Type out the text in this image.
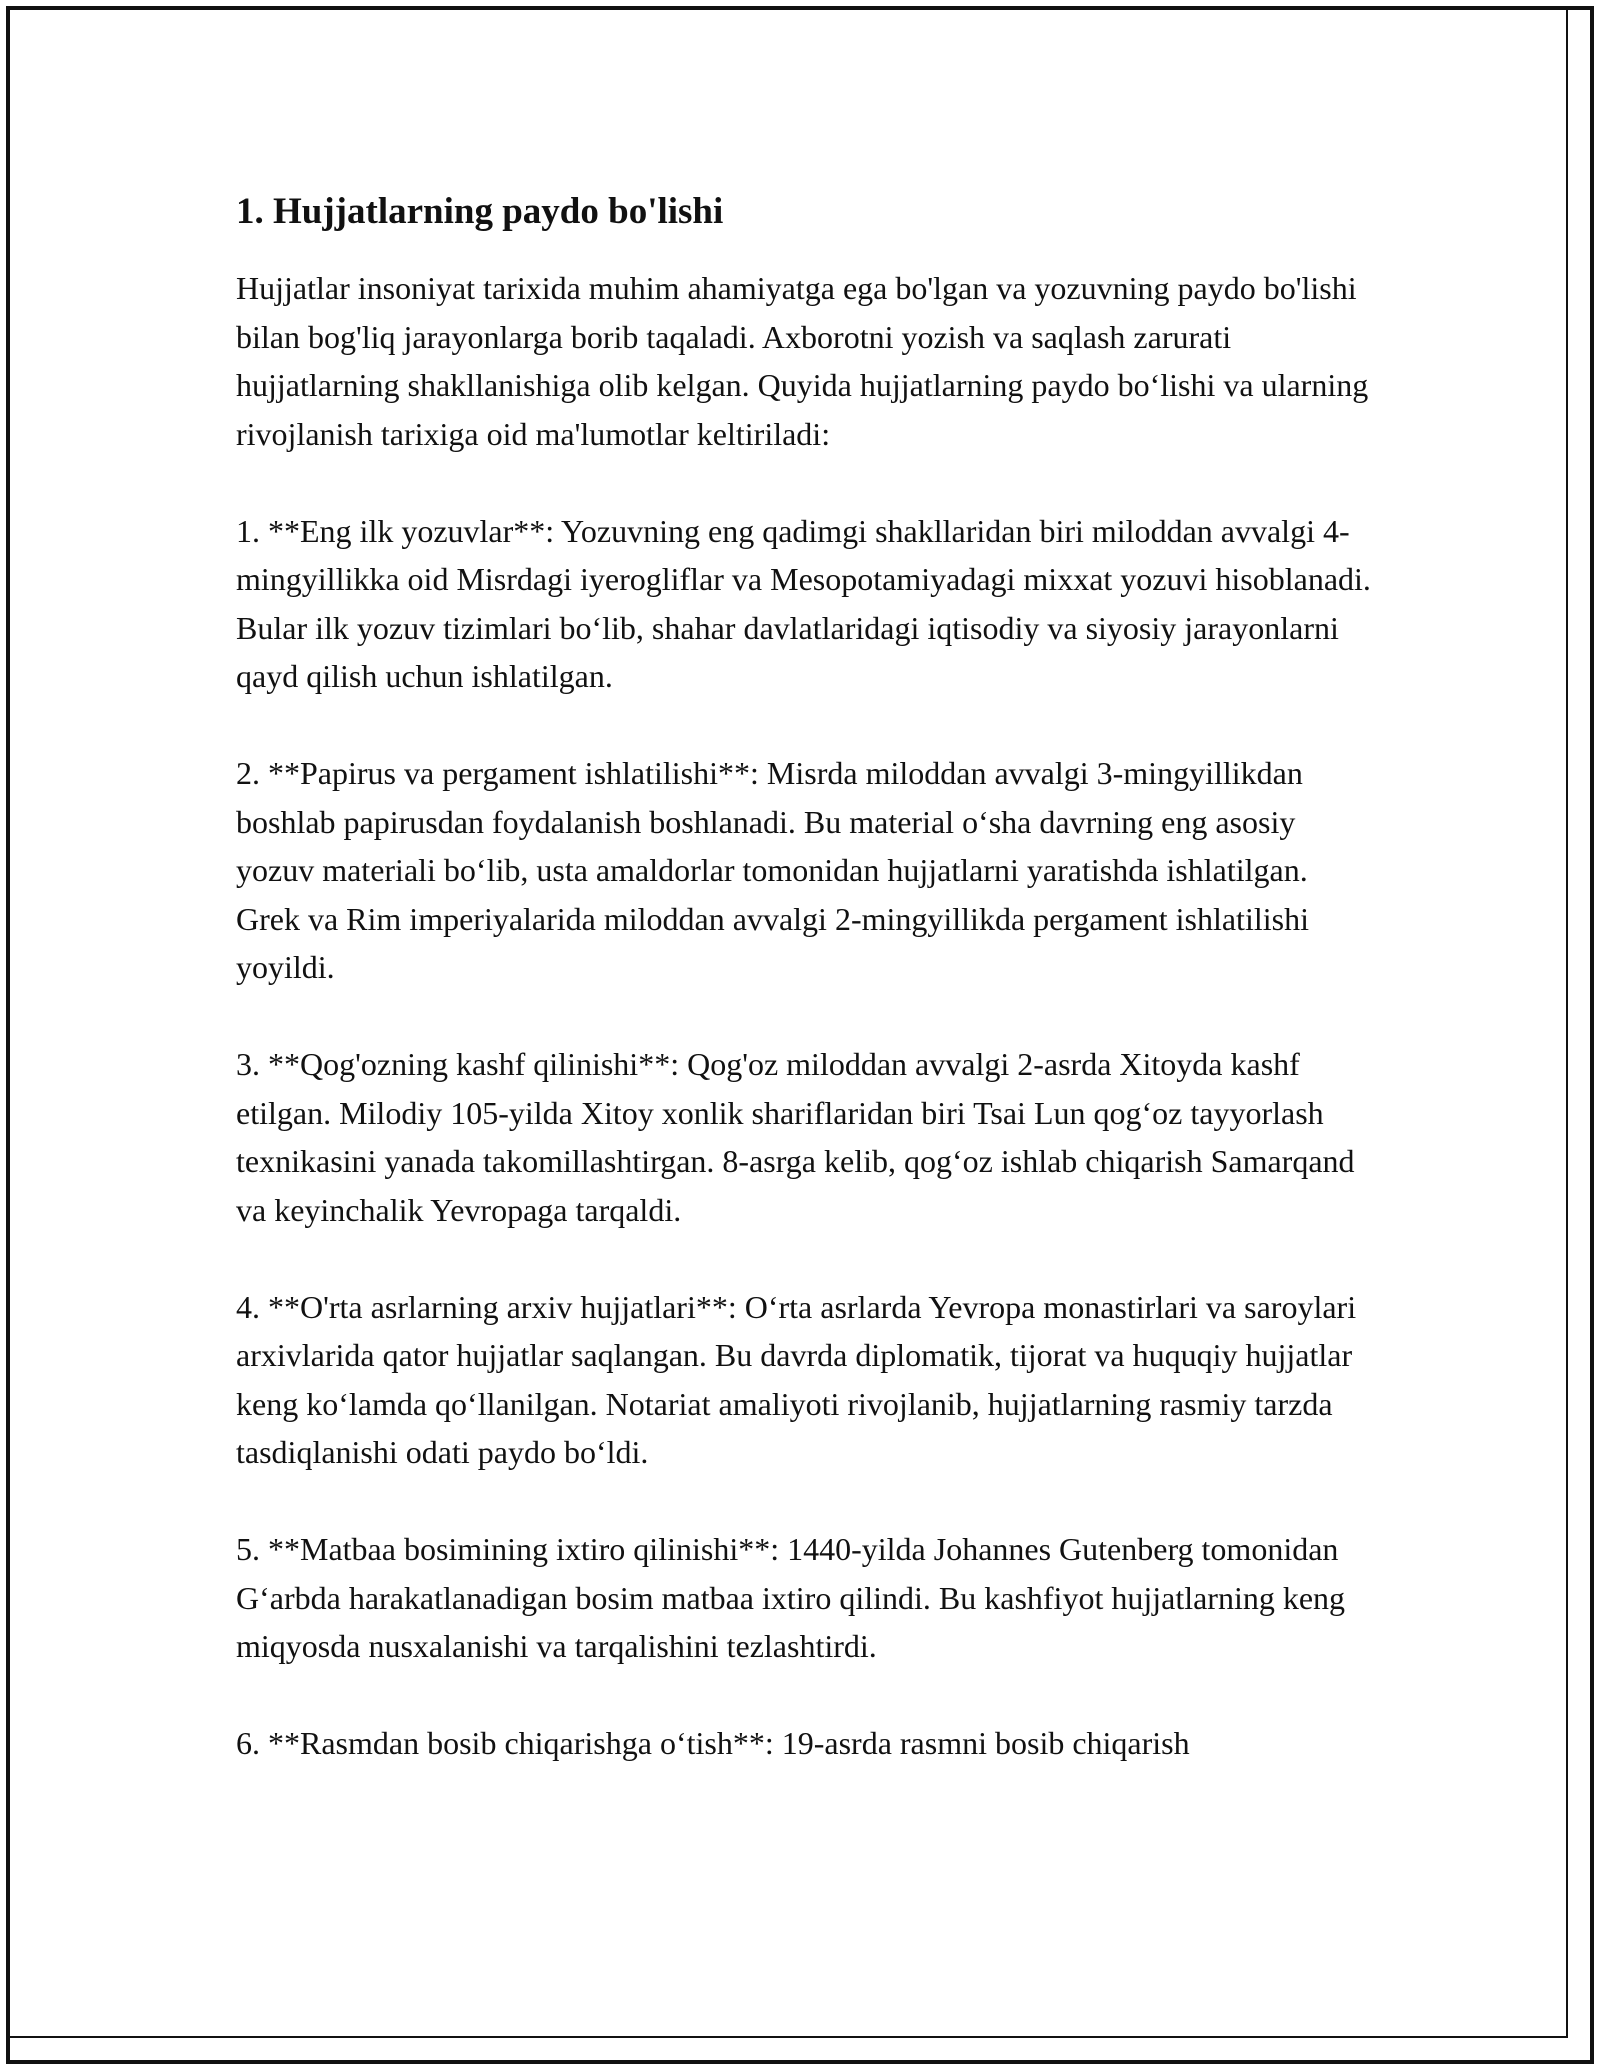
1. Hujjatlarning paydo bo'lishi

Hujjatlar insoniyat tarixida muhim ahamiyatga ega bo'lgan va yozuvning paydo bo'lishi bilan bog'liq jarayonlarga borib taqaladi. Axborotni yozish va saqlash zarurati hujjatlarning shakllanishiga olib kelgan. Quyida hujjatlarning paydo bo‘lishi va ularning rivojlanish tarixiga oid ma'lumotlar keltiriladi:

1. **Eng ilk yozuvlar**: Yozuvning eng qadimgi shakllaridan biri miloddan avvalgi 4-mingyillikka oid Misrdagi iyerogliflar va Mesopotamiyadagi mixxat yozuvi hisoblanadi. Bular ilk yozuv tizimlari bo‘lib, shahar davlatlaridagi iqtisodiy va siyosiy jarayonlarni qayd qilish uchun ishlatilgan.

2. **Papirus va pergament ishlatilishi**: Misrda miloddan avvalgi 3-mingyillikdan boshlab papirusdan foydalanish boshlanadi. Bu material o‘sha davrning eng asosiy yozuv materiali bo‘lib, usta amaldorlar tomonidan hujjatlarni yaratishda ishlatilgan. Grek va Rim imperiyalarida miloddan avvalgi 2-mingyillikda pergament ishlatilishi yoyildi.

3. **Qog'ozning kashf qilinishi**: Qog'oz miloddan avvalgi 2-asrda Xitoyda kashf etilgan. Milodiy 105-yilda Xitoy xonlik shariflaridan biri Tsai Lun qog‘oz tayyorlash texnikasini yanada takomillashtirgan. 8-asrga kelib, qog‘oz ishlab chiqarish Samarqand va keyinchalik Yevropaga tarqaldi.

4. **O'rta asrlarning arxiv hujjatlari**: O‘rta asrlarda Yevropa monastirlari va saroylari arxivlarida qator hujjatlar saqlangan. Bu davrda diplomatik, tijorat va huquqiy hujjatlar keng ko‘lamda qo‘llanilgan. Notariat amaliyoti rivojlanib, hujjatlarning rasmiy tarzda tasdiqlanishi odati paydo bo‘ldi.

5. **Matbaa bosimining ixtiro qilinishi**: 1440-yilda Johannes Gutenberg tomonidan G‘arbda harakatlanadigan bosim matbaa ixtiro qilindi. Bu kashfiyot hujjatlarning keng miqyosda nusxalanishi va tarqalishini tezlashtirdi.

6. **Rasmdan bosib chiqarishga o‘tish**: 19-asrda rasmni bosib chiqarish
